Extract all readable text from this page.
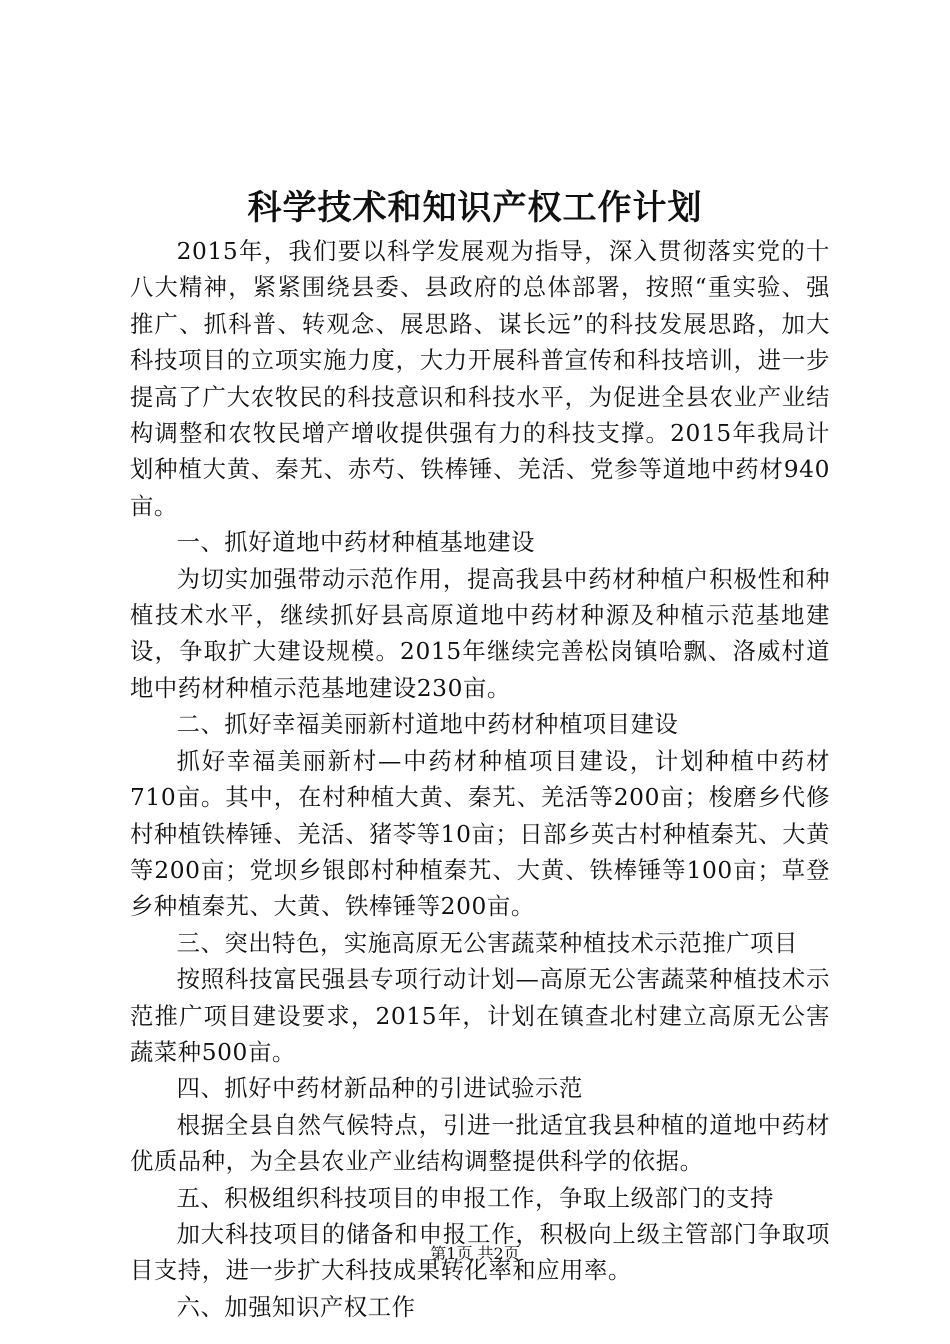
科学技术和知识产权工作计划

2015年，我们要以科学发展观为指导，深入贯彻落实党的十八大精神，紧紧围绕县委、县政府的总体部署，按照“重实验、强推广、抓科普、转观念、展思路、谋长远”的科技发展思路，加大科技项目的立项实施力度，大力开展科普宣传和科技培训，进一步提高了广大农牧民的科技意识和科技水平，为促进全县农业产业结构调整和农牧民增产增收提供强有力的科技支撑。2015年我局计划种植大黄、秦艽、赤芍、铁棒锤、羌活、党参等道地中药材940亩。

一、抓好道地中药材种植基地建设

为切实加强带动示范作用，提高我县中药材种植户积极性和种植技术水平，继续抓好县高原道地中药材种源及种植示范基地建设，争取扩大建设规模。2015年继续完善松岗镇哈飘、洛威村道地中药材种植示范基地建设230亩。

二、抓好幸福美丽新村道地中药材种植项目建设

抓好幸福美丽新村—中药材种植项目建设，计划种植中药材710亩。其中，在村种植大黄、秦艽、羌活等200亩；梭磨乡代修村种植铁棒锤、羌活、猪苓等10亩；日部乡英古村种植秦艽、大黄等200亩；党坝乡银郎村种植秦艽、大黄、铁棒锤等100亩；草登乡种植秦艽、大黄、铁棒锤等200亩。

三、突出特色，实施高原无公害蔬菜种植技术示范推广项目

按照科技富民强县专项行动计划—高原无公害蔬菜种植技术示范推广项目建设要求，2015年，计划在镇查北村建立高原无公害蔬菜种500亩。

四、抓好中药材新品种的引进试验示范

根据全县自然气候特点，引进一批适宜我县种植的道地中药材优质品种，为全县农业产业结构调整提供科学的依据。

五、积极组织科技项目的申报工作，争取上级部门的支持

加大科技项目的储备和申报工作，积极向上级主管部门争取项目支持，进一步扩大科技成果转化率和应用率。

六、加强知识产权工作

第1页 共2页
